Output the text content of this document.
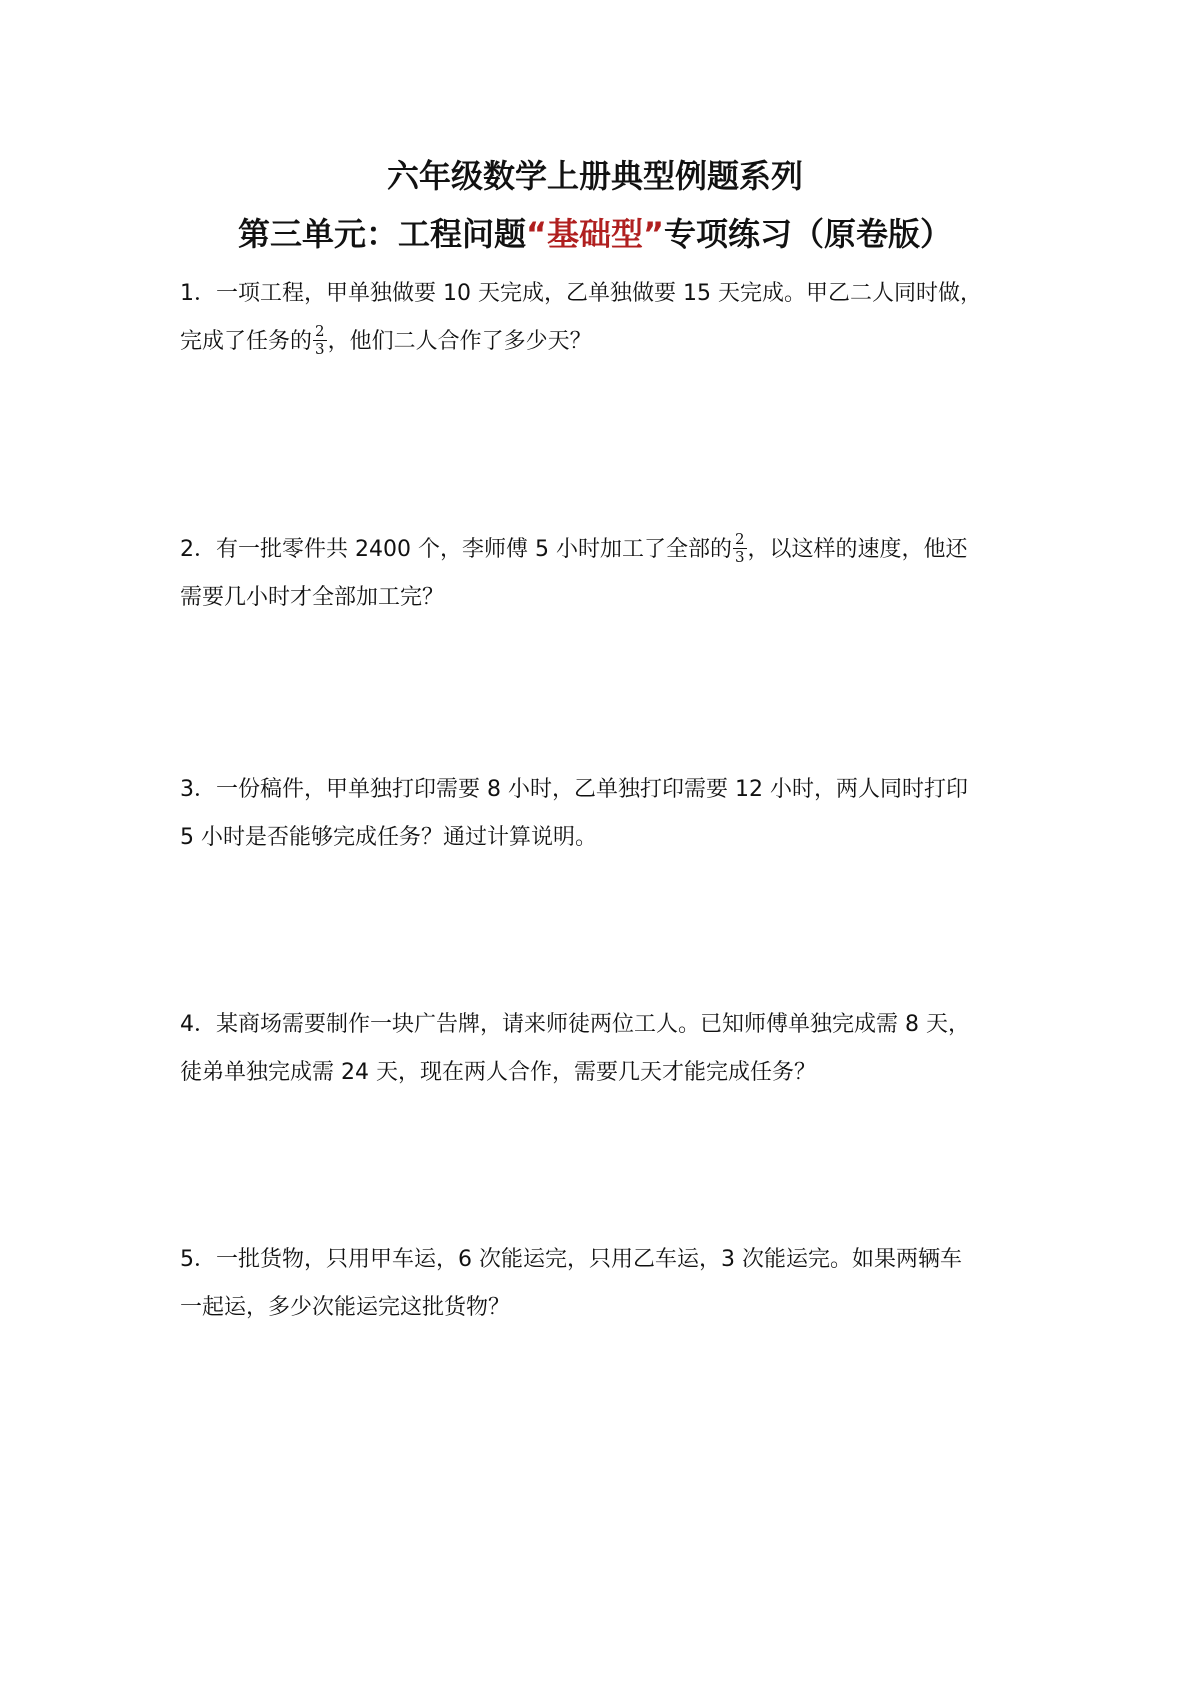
六年级数学上册典型例题系列
第三单元：工程问题“基础型”专项练习（原卷版）
1．一项工程，甲单独做要 10 天完成，乙单独做要 15 天完成。甲乙二人同时做，
完成了任务的 $\frac{2}{3}$ ，他们二人合作了多少天？
2．有一批零件共 2400 个，李师傅 5 小时加工了全部的 $\frac{2}{3}$ ，以这样的速度，他还
需要几小时才全部加工完？
3．一份稿件，甲单独打印需要 8 小时，乙单独打印需要 12 小时，两人同时打印
5 小时是否能够完成任务？通过计算说明。
4．某商场需要制作一块广告牌，请来师徒两位工人。已知师傅单独完成需 8 天，
徒弟单独完成需 24 天，现在两人合作，需要几天才能完成任务？
5．一批货物，只用甲车运，6 次能运完，只用乙车运，3 次能运完。如果两辆车
一起运，多少次能运完这批货物？
